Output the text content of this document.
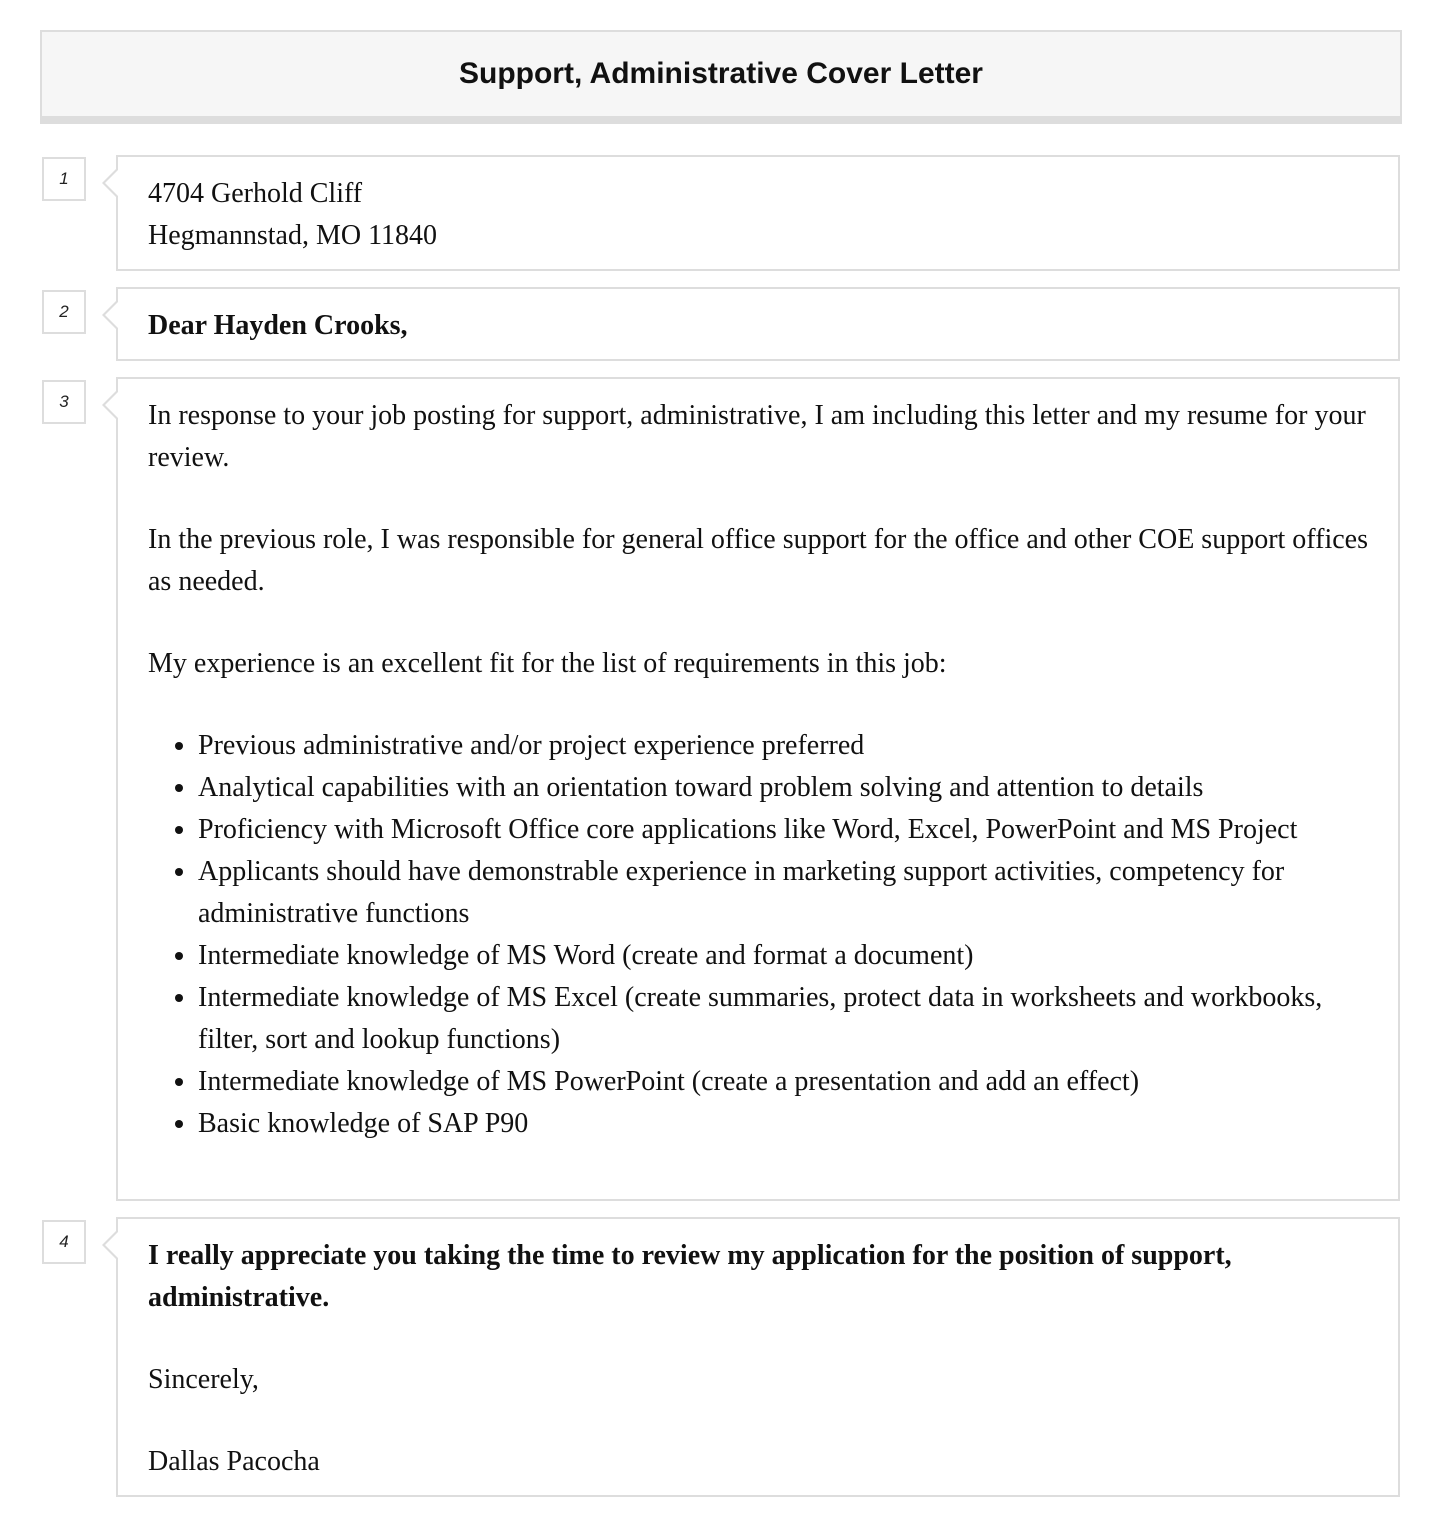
Support, Administrative Cover Letter
1	4704 Gerhold Cliff
Hegmannstad, MO 11840

2	Dear Hayden Crooks,

3	In response to your job posting for support, administrative, I am including this letter and my resume for your review.

In the previous role, I was responsible for general office support for the office and other COE support offices as needed.

My experience is an excellent fit for the list of requirements in this job:

• Previous administrative and/or project experience preferred
• Analytical capabilities with an orientation toward problem solving and attention to details
• Proficiency with Microsoft Office core applications like Word, Excel, PowerPoint and MS Project
• Applicants should have demonstrable experience in marketing support activities, competency for administrative functions
• Intermediate knowledge of MS Word (create and format a document)
• Intermediate knowledge of MS Excel (create summaries, protect data in worksheets and workbooks, filter, sort and lookup functions)
• Intermediate knowledge of MS PowerPoint (create a presentation and add an effect)
• Basic knowledge of SAP P90
4	I really appreciate you taking the time to review my application for the position of support, administrative.

Sincerely,

Dallas Pacocha
